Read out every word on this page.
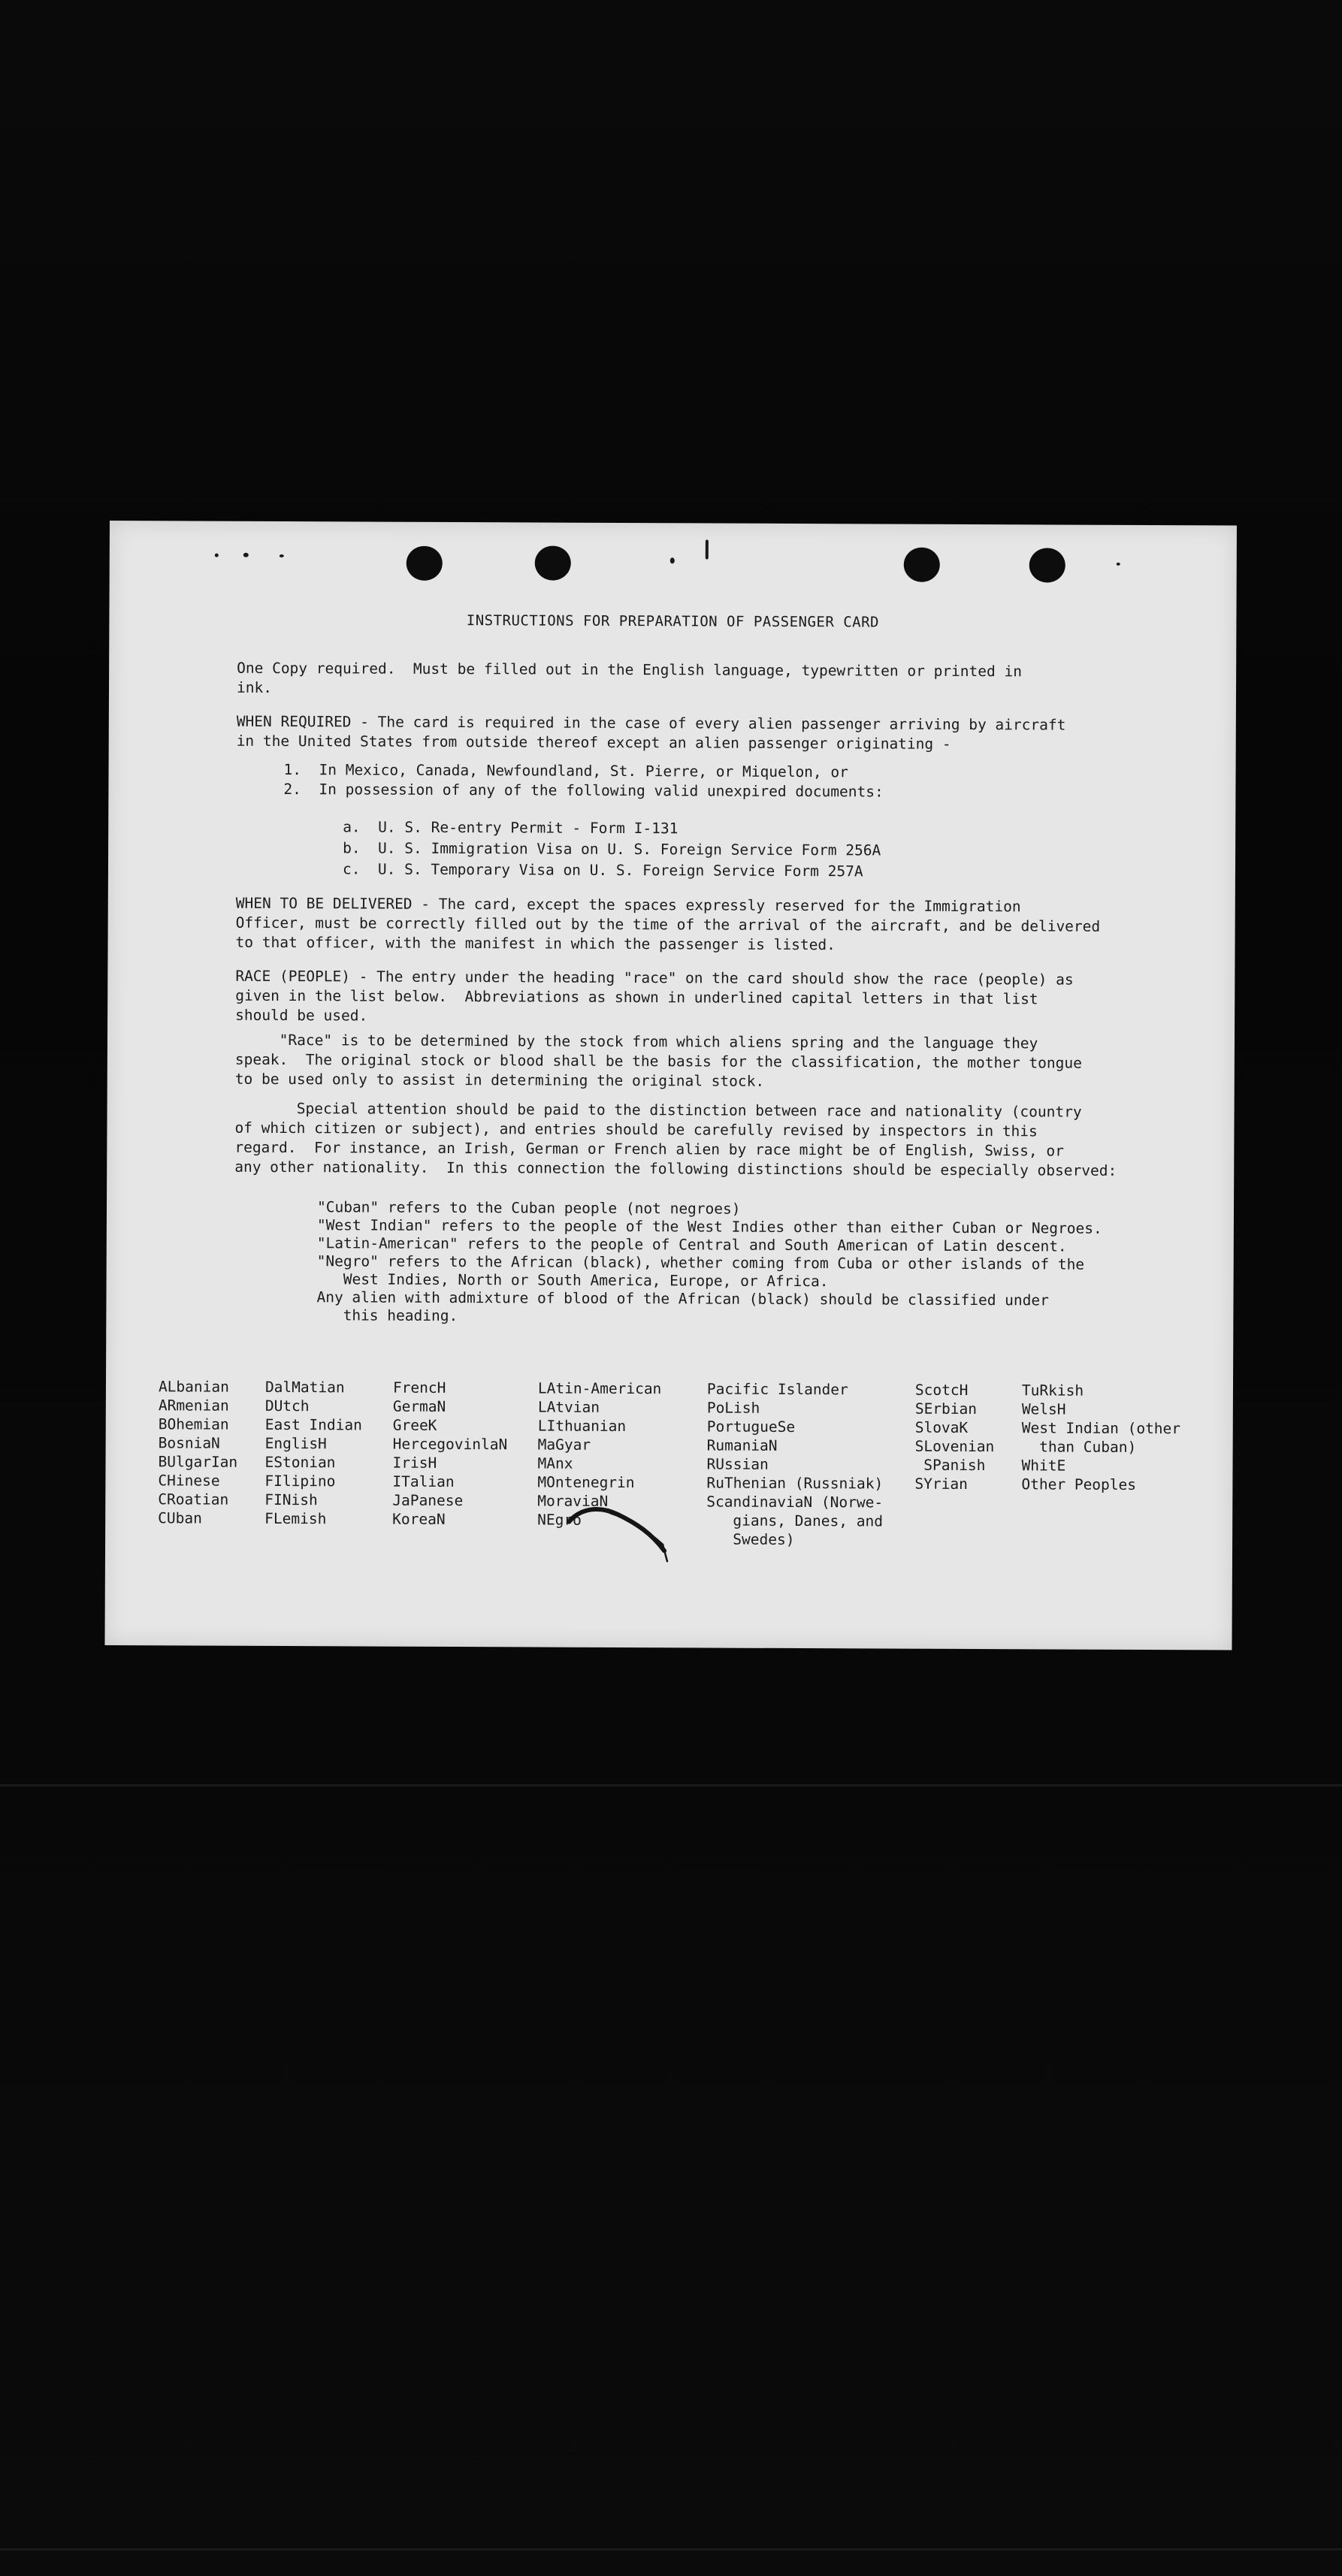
INSTRUCTIONS FOR PREPARATION OF PASSENGER CARD
One Copy required.  Must be filled out in the English language, typewritten or printed in
ink.
WHEN REQUIRED - The card is required in the case of every alien passenger arriving by aircraft
in the United States from outside thereof except an alien passenger originating -
1.  In Mexico, Canada, Newfoundland, St. Pierre, or Miquelon, or
2.  In possession of any of the following valid unexpired documents:
a.  U. S. Re-entry Permit - Form I-131
b.  U. S. Immigration Visa on U. S. Foreign Service Form 256A
c.  U. S. Temporary Visa on U. S. Foreign Service Form 257A
WHEN TO BE DELIVERED - The card, except the spaces expressly reserved for the Immigration
Officer, must be correctly filled out by the time of the arrival of the aircraft, and be delivered
to that officer, with the manifest in which the passenger is listed.
RACE (PEOPLE) - The entry under the heading "race" on the card should show the race (people) as
given in the list below.  Abbreviations as shown in underlined capital letters in that list
should be used.
"Race" is to be determined by the stock from which aliens spring and the language they
speak.  The original stock or blood shall be the basis for the classification, the mother tongue
to be used only to assist in determining the original stock.
Special attention should be paid to the distinction between race and nationality (country
of which citizen or subject), and entries should be carefully revised by inspectors in this
regard.  For instance, an Irish, German or French alien by race might be of English, Swiss, or
any other nationality.  In this connection the following distinctions should be especially observed:
"Cuban" refers to the Cuban people (not negroes)
"West Indian" refers to the people of the West Indies other than either Cuban or Negroes.
"Latin-American" refers to the people of Central and South American of Latin descent.
"Negro" refers to the African (black), whether coming from Cuba or other islands of the
West Indies, North or South America, Europe, or Africa.
Any alien with admixture of blood of the African (black) should be classified under
this heading.
ALbanian
ARmenian
BOhemian
BosniaN
BUlgarIan
CHinese
CRoatian
CUban
DalMatian
DUtch
East Indian
EnglisH
EStonian
FIlipino
FINish
FLemish
FrencH
GermaN
GreeK
HercegovinlaN
IrisH
ITalian
JaPanese
KoreaN
LAtin-American
LAtvian
LIthuanian
MaGyar
MAnx
MOntenegrin
MoraviaN
NEgro
Pacific Islander
PoLish
PortugueSe
RumaniaN
RUssian
RuThenian (Russniak)
ScandinaviaN (Norwe-
gians, Danes, and
Swedes)
ScotcH
SErbian
SlovaK
SLovenian
SPanish
SYrian
TuRkish
WelsH
West Indian (other
than Cuban)
WhitE
Other Peoples
